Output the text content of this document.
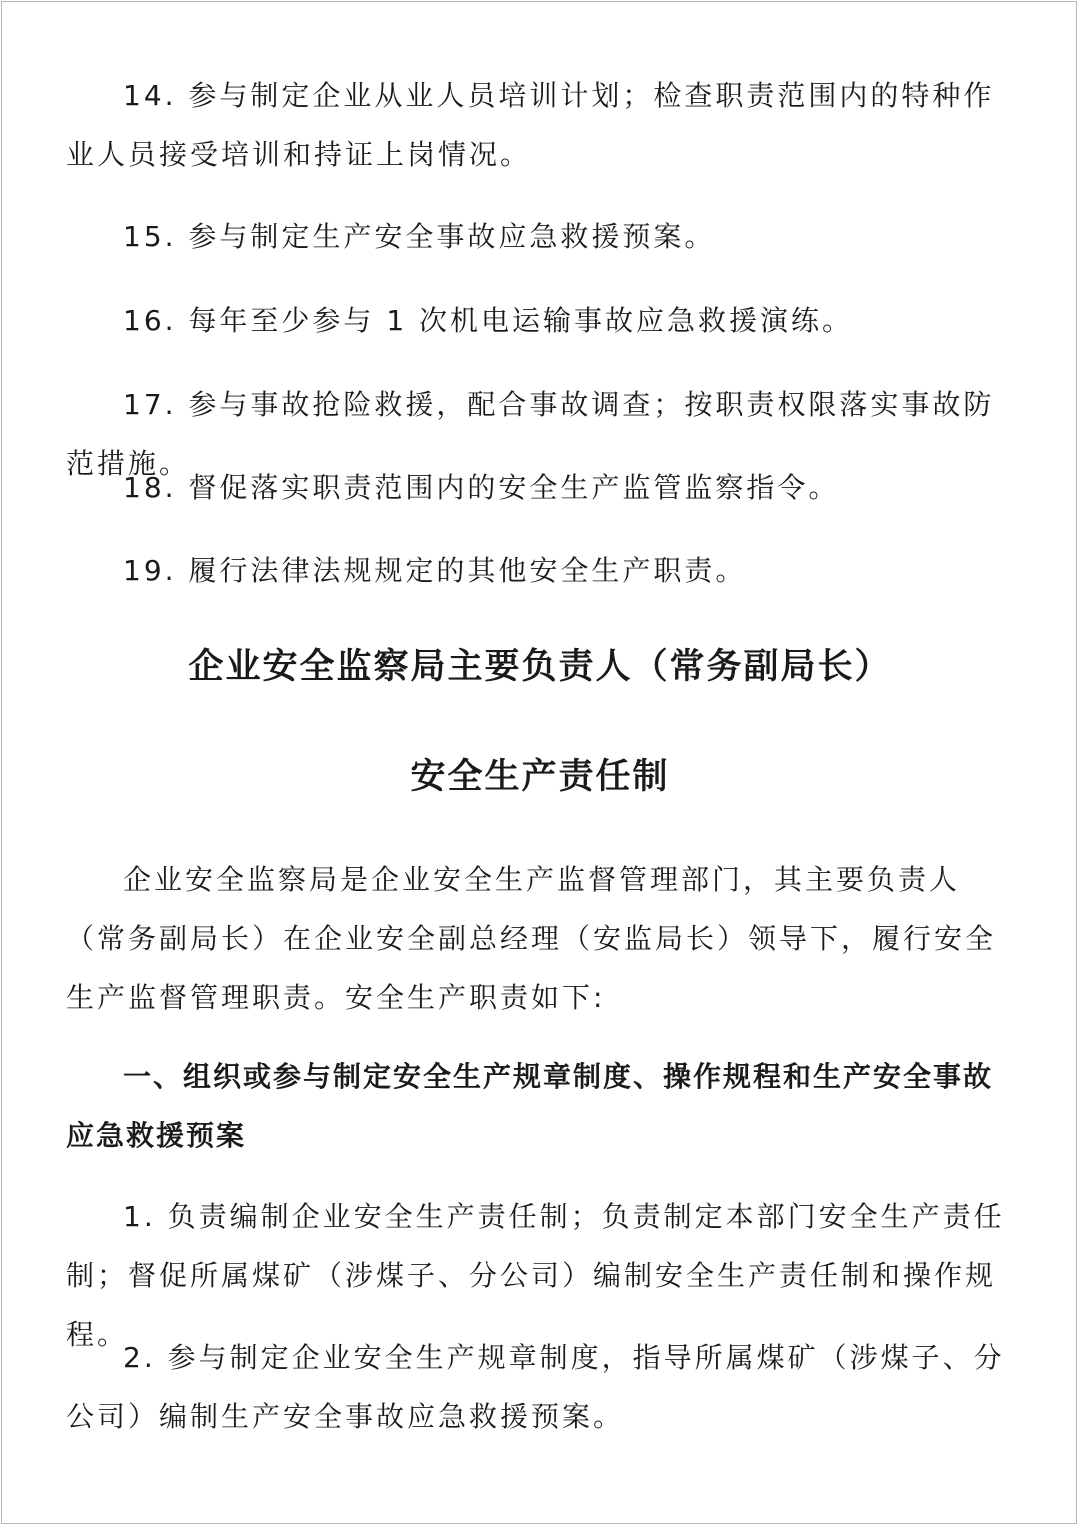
14. 参与制定企业从业人员培训计划；检查职责范围内的特种作业人员接受培训和持证上岗情况。

15. 参与制定生产安全事故应急救援预案。

16. 每年至少参与 1 次机电运输事故应急救援演练。

17. 参与事故抢险救援，配合事故调查；按职责权限落实事故防范措施。

18. 督促落实职责范围内的安全生产监管监察指令。

19. 履行法律法规规定的其他安全生产职责。

企业安全监察局主要负责人（常务副局长）
安全生产责任制

企业安全监察局是企业安全生产监督管理部门，其主要负责人（常务副局长）在企业安全副总经理（安监局长）领导下，履行安全生产监督管理职责。安全生产职责如下:

一、组织或参与制定安全生产规章制度、操作规程和生产安全事故应急救援预案

1. 负责编制企业安全生产责任制；负责制定本部门安全生产责任制；督促所属煤矿（涉煤子、分公司）编制安全生产责任制和操作规程。

2. 参与制定企业安全生产规章制度，指导所属煤矿（涉煤子、分公司）编制生产安全事故应急救援预案。
